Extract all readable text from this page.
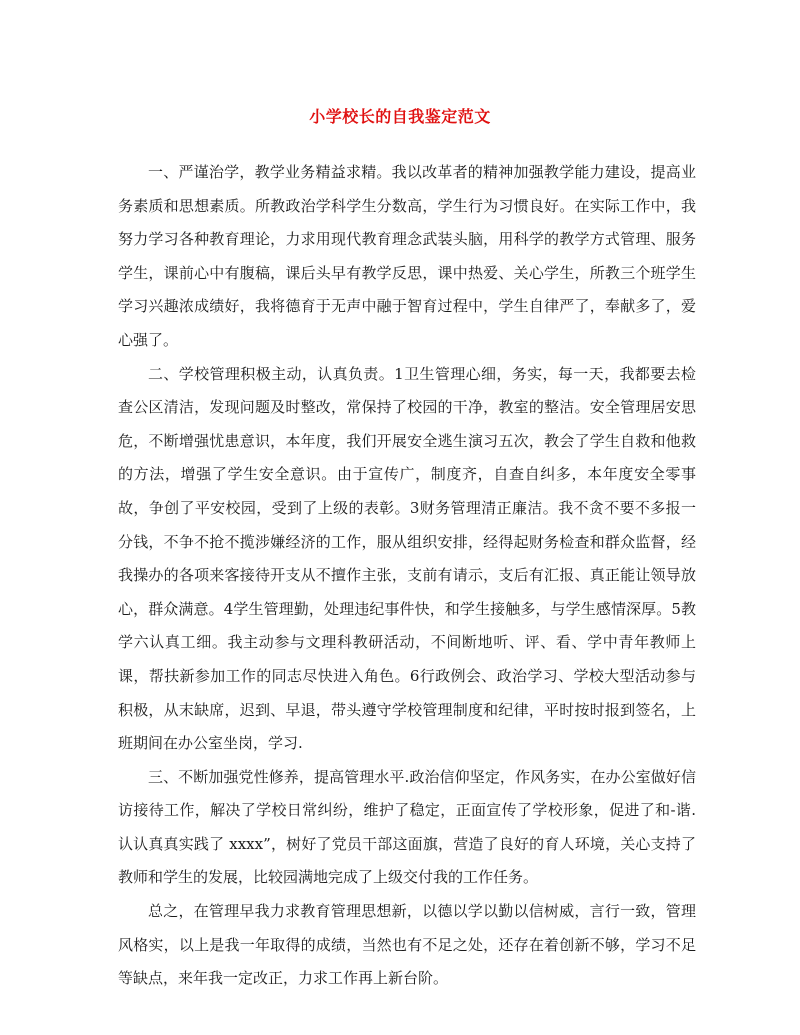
小学校长的自我鉴定范文

一、严谨治学，教学业务精益求精。我以改革者的精神加强教学能力建设，提高业务素质和思想素质。所教政治学科学生分数高，学生行为习惯良好。在实际工作中，我努力学习各种教育理论，力求用现代教育理念武装头脑，用科学的教学方式管理、服务学生，课前心中有腹稿，课后头早有教学反思，课中热爱、关心学生，所教三个班学生学习兴趣浓成绩好，我将德育于无声中融于智育过程中，学生自律严了，奉献多了，爱心强了。

二、学校管理积极主动，认真负责。1卫生管理心细，务实，每一天，我都要去检查公区清洁，发现问题及时整改，常保持了校园的干净，教室的整洁。安全管理居安思危，不断增强忧患意识，本年度，我们开展安全逃生演习五次，教会了学生自救和他救的方法，增强了学生安全意识。由于宣传广，制度齐，自查自纠多，本年度安全零事故，争创了平安校园，受到了上级的表彰。3财务管理清正廉洁。我不贪不要不多报一分钱，不争不抢不揽涉嫌经济的工作，服从组织安排，经得起财务检查和群众监督，经我操办的各项来客接待开支从不擅作主张，支前有请示，支后有汇报、真正能让领导放心，群众满意。4学生管理勤，处理违纪事件快，和学生接触多，与学生感情深厚。5教学六认真工细。我主动参与文理科教研活动，不间断地听、评、看、学中青年教师上课，帮扶新参加工作的同志尽快进入角色。6行政例会、政治学习、学校大型活动参与积极，从末缺席，迟到、早退，带头遵守学校管理制度和纪律，平时按时报到签名，上班期间在办公室坐岗，学习.

三、不断加强党性修养，提高管理水平.政治信仰坚定，作风务实，在办公室做好信访接待工作，解决了学校日常纠纷，维护了稳定，正面宣传了学校形象，促进了和-谐.认认真真实践了 xxxx”，树好了党员干部这面旗，营造了良好的育人环境，关心支持了教师和学生的发展，比较园满地完成了上级交付我的工作任务。

总之，在管理早我力求教育管理思想新，以德以学以勤以信树威，言行一致，管理风格实，以上是我一年取得的成绩，当然也有不足之处，还存在着创新不够，学习不足等缺点，来年我一定改正，力求工作再上新台阶。
